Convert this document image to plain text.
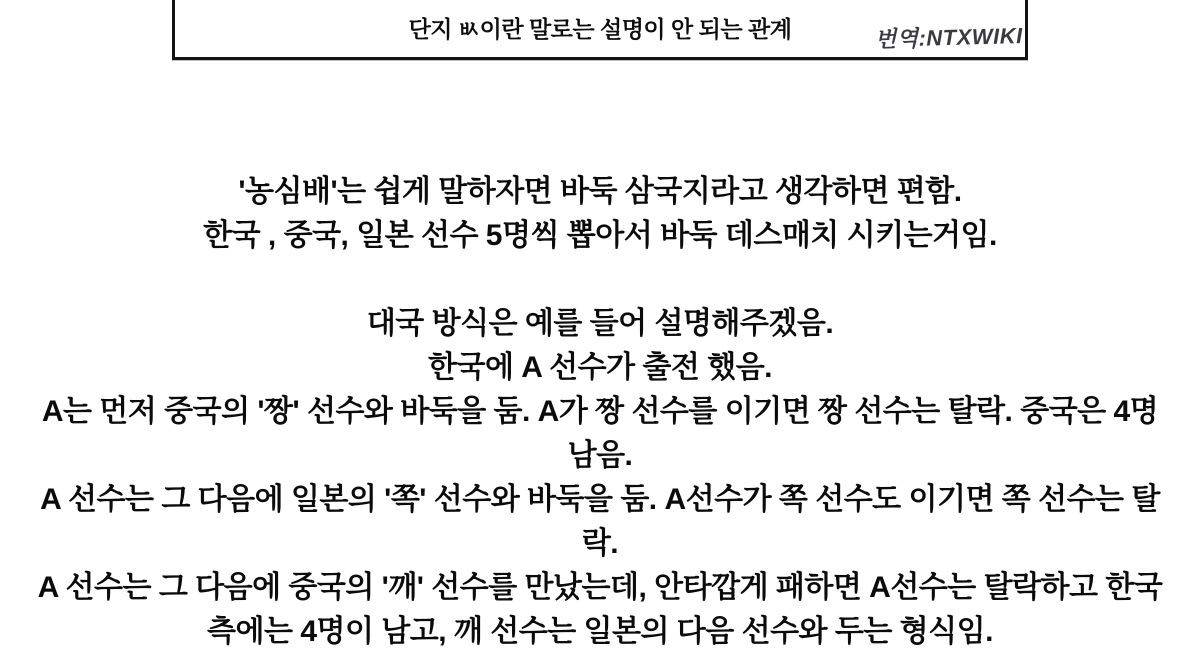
단지 ㅄ이란 말로는 설명이 안 되는 관계	번역:NTXWIKI
'농심배'는 쉽게 말하자면 바둑 삼국지라고 생각하면 편함.
한국 , 중국, 일본 선수 5명씩 뽑아서 바둑 데스매치 시키는거임.
대국 방식은 예를 들어 설명해주겠음.
한국에 A 선수가 출전 했음.
A는 먼저 중국의 '짱' 선수와 바둑을 둠. A가 짱 선수를 이기면 짱 선수는 탈락. 중국은 4명
남음.
A 선수는 그 다음에 일본의 '쪽' 선수와 바둑을 둠. A선수가 쪽 선수도 이기면 쪽 선수는 탈
락.
A 선수는 그 다음에 중국의 '깨' 선수를 만났는데, 안타깝게 패하면 A선수는 탈락하고 한국
측에는 4명이 남고, 깨 선수는 일본의 다음 선수와 두는 형식임.
